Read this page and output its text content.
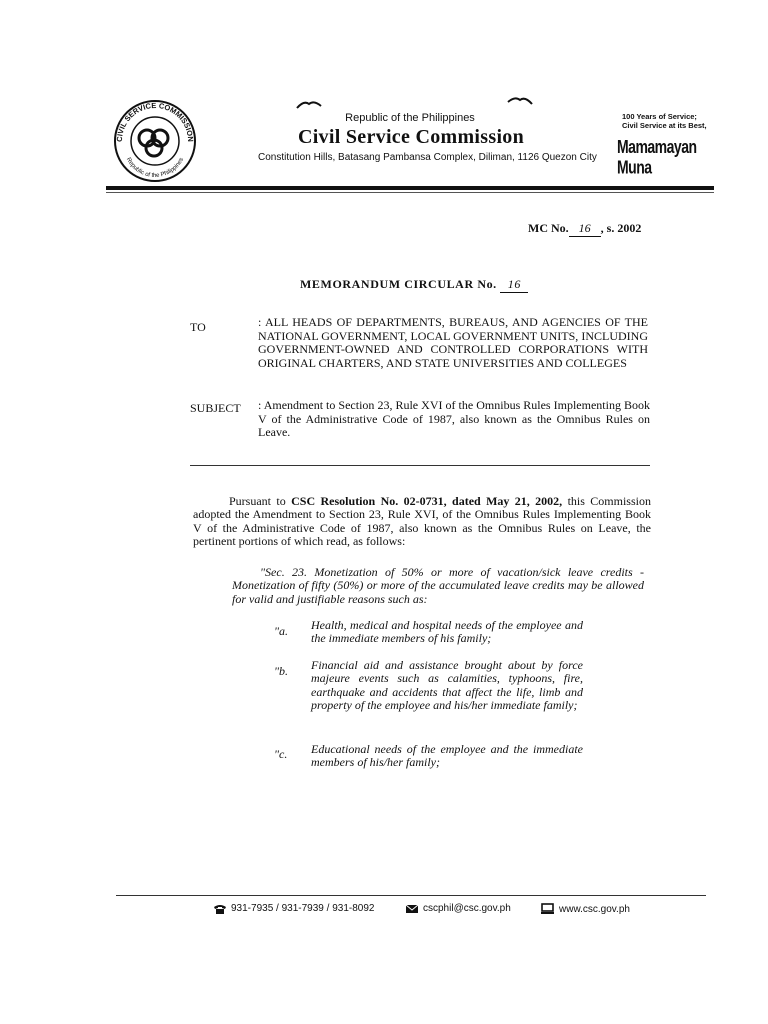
CIVIL SERVICE COMMISSION
Republic of the Philippines
Republic of the Philippines
Civil Service Commission
Constitution Hills, Batasang Pambansa Complex, Diliman, 1126 Quezon City
100 Years of Service;
Civil Service at its Best,
Mamamayan Muna
MC No. 16 , s. 2002
MEMORANDUM CIRCULAR No. 16
TO	: ALL HEADS OF DEPARTMENTS, BUREAUS, AND AGENCIES OF THE NATIONAL GOVERNMENT, LOCAL GOVERNMENT UNITS, INCLUDING GOVERNMENT-OWNED AND CONTROLLED CORPORATIONS WITH ORIGINAL CHARTERS, AND STATE UNIVERSITIES AND COLLEGES
SUBJECT : Amendment to Section 23, Rule XVI of the Omnibus Rules Implementing Book V of the Administrative Code of 1987, also known as the Omnibus Rules on Leave.
Pursuant to CSC Resolution No. 02-0731, dated May 21, 2002, this Commission adopted the Amendment to Section 23, Rule XVI, of the Omnibus Rules Implementing Book V of the Administrative Code of 1987, also known as the Omnibus Rules on Leave, the pertinent portions of which read, as follows:
"Sec. 23. Monetization of 50% or more of vacation/sick leave credits - Monetization of fifty (50%) or more of the accumulated leave credits may be allowed for valid and justifiable reasons such as:
"a. Health, medical and hospital needs of the employee and the immediate members of his family;
"b. Financial aid and assistance brought about by force majeure events such as calamities, typhoons, fire, earthquake and accidents that affect the life, limb and property of the employee and his/her immediate family;
"c. Educational needs of the employee and the immediate members of his/her family;
931-7935 / 931-7939 / 931-8092	cscphil@csc.gov.ph	www.csc.gov.ph
